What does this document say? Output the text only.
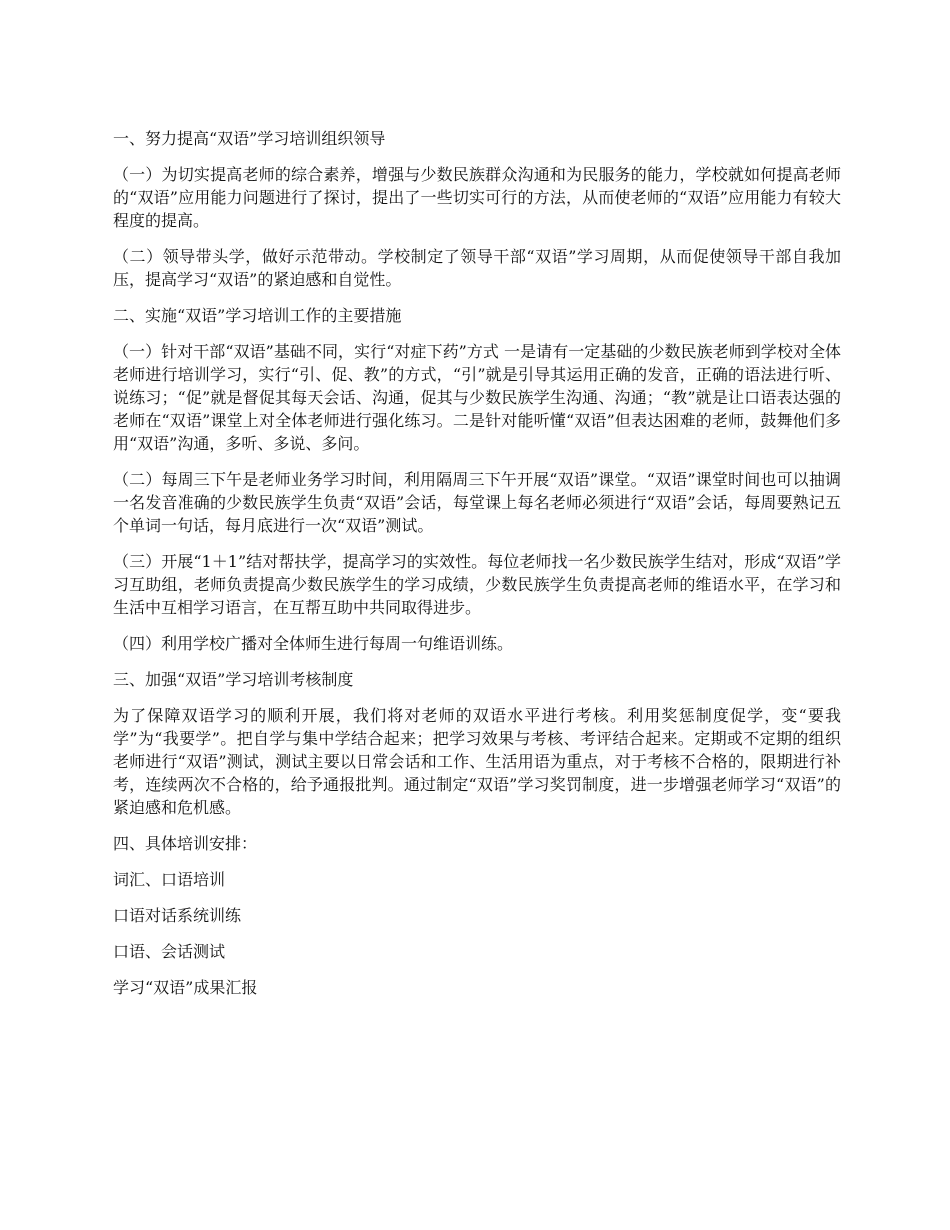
一、努力提高“双语”学习培训组织领导

（一）为切实提高老师的综合素养，增强与少数民族群众沟通和为民服务的能力，学校就如何提高老师的“双语”应用能力问题进行了探讨，提出了一些切实可行的方法，从而使老师的“双语”应用能力有较大程度的提高。

（二）领导带头学，做好示范带动。学校制定了领导干部“双语”学习周期，从而促使领导干部自我加压，提高学习“双语”的紧迫感和自觉性。

二、实施“双语”学习培训工作的主要措施

（一）针对干部“双语”基础不同，实行“对症下药”方式 一是请有一定基础的少数民族老师到学校对全体老师进行培训学习，实行“引、促、教”的方式，“引”就是引导其运用正确的发音，正确的语法进行听、说练习；“促”就是督促其每天会话、沟通，促其与少数民族学生沟通、沟通；“教”就是让口语表达强的老师在“双语”课堂上对全体老师进行强化练习。二是针对能听懂“双语”但表达困难的老师，鼓舞他们多用“双语”沟通，多听、多说、多问。

（二）每周三下午是老师业务学习时间，利用隔周三下午开展“双语”课堂。“双语”课堂时间也可以抽调一名发音准确的少数民族学生负责“双语”会话，每堂课上每名老师必须进行“双语”会话，每周要熟记五个单词一句话，每月底进行一次“双语”测试。

（三）开展“1＋1”结对帮扶学，提高学习的实效性。每位老师找一名少数民族学生结对，形成“双语”学习互助组，老师负责提高少数民族学生的学习成绩，少数民族学生负责提高老师的维语水平，在学习和生活中互相学习语言，在互帮互助中共同取得进步。

（四）利用学校广播对全体师生进行每周一句维语训练。

三、加强“双语”学习培训考核制度

为了保障双语学习的顺利开展，我们将对老师的双语水平进行考核。利用奖惩制度促学，变“要我学”为“我要学”。把自学与集中学结合起来；把学习效果与考核、考评结合起来。定期或不定期的组织老师进行“双语”测试，测试主要以日常会话和工作、生活用语为重点，对于考核不合格的，限期进行补考，连续两次不合格的，给予通报批判。通过制定“双语”学习奖罚制度，进一步增强老师学习“双语”的紧迫感和危机感。

四、具体培训安排：

词汇、口语培训

口语对话系统训练

口语、会话测试

学习“双语”成果汇报
